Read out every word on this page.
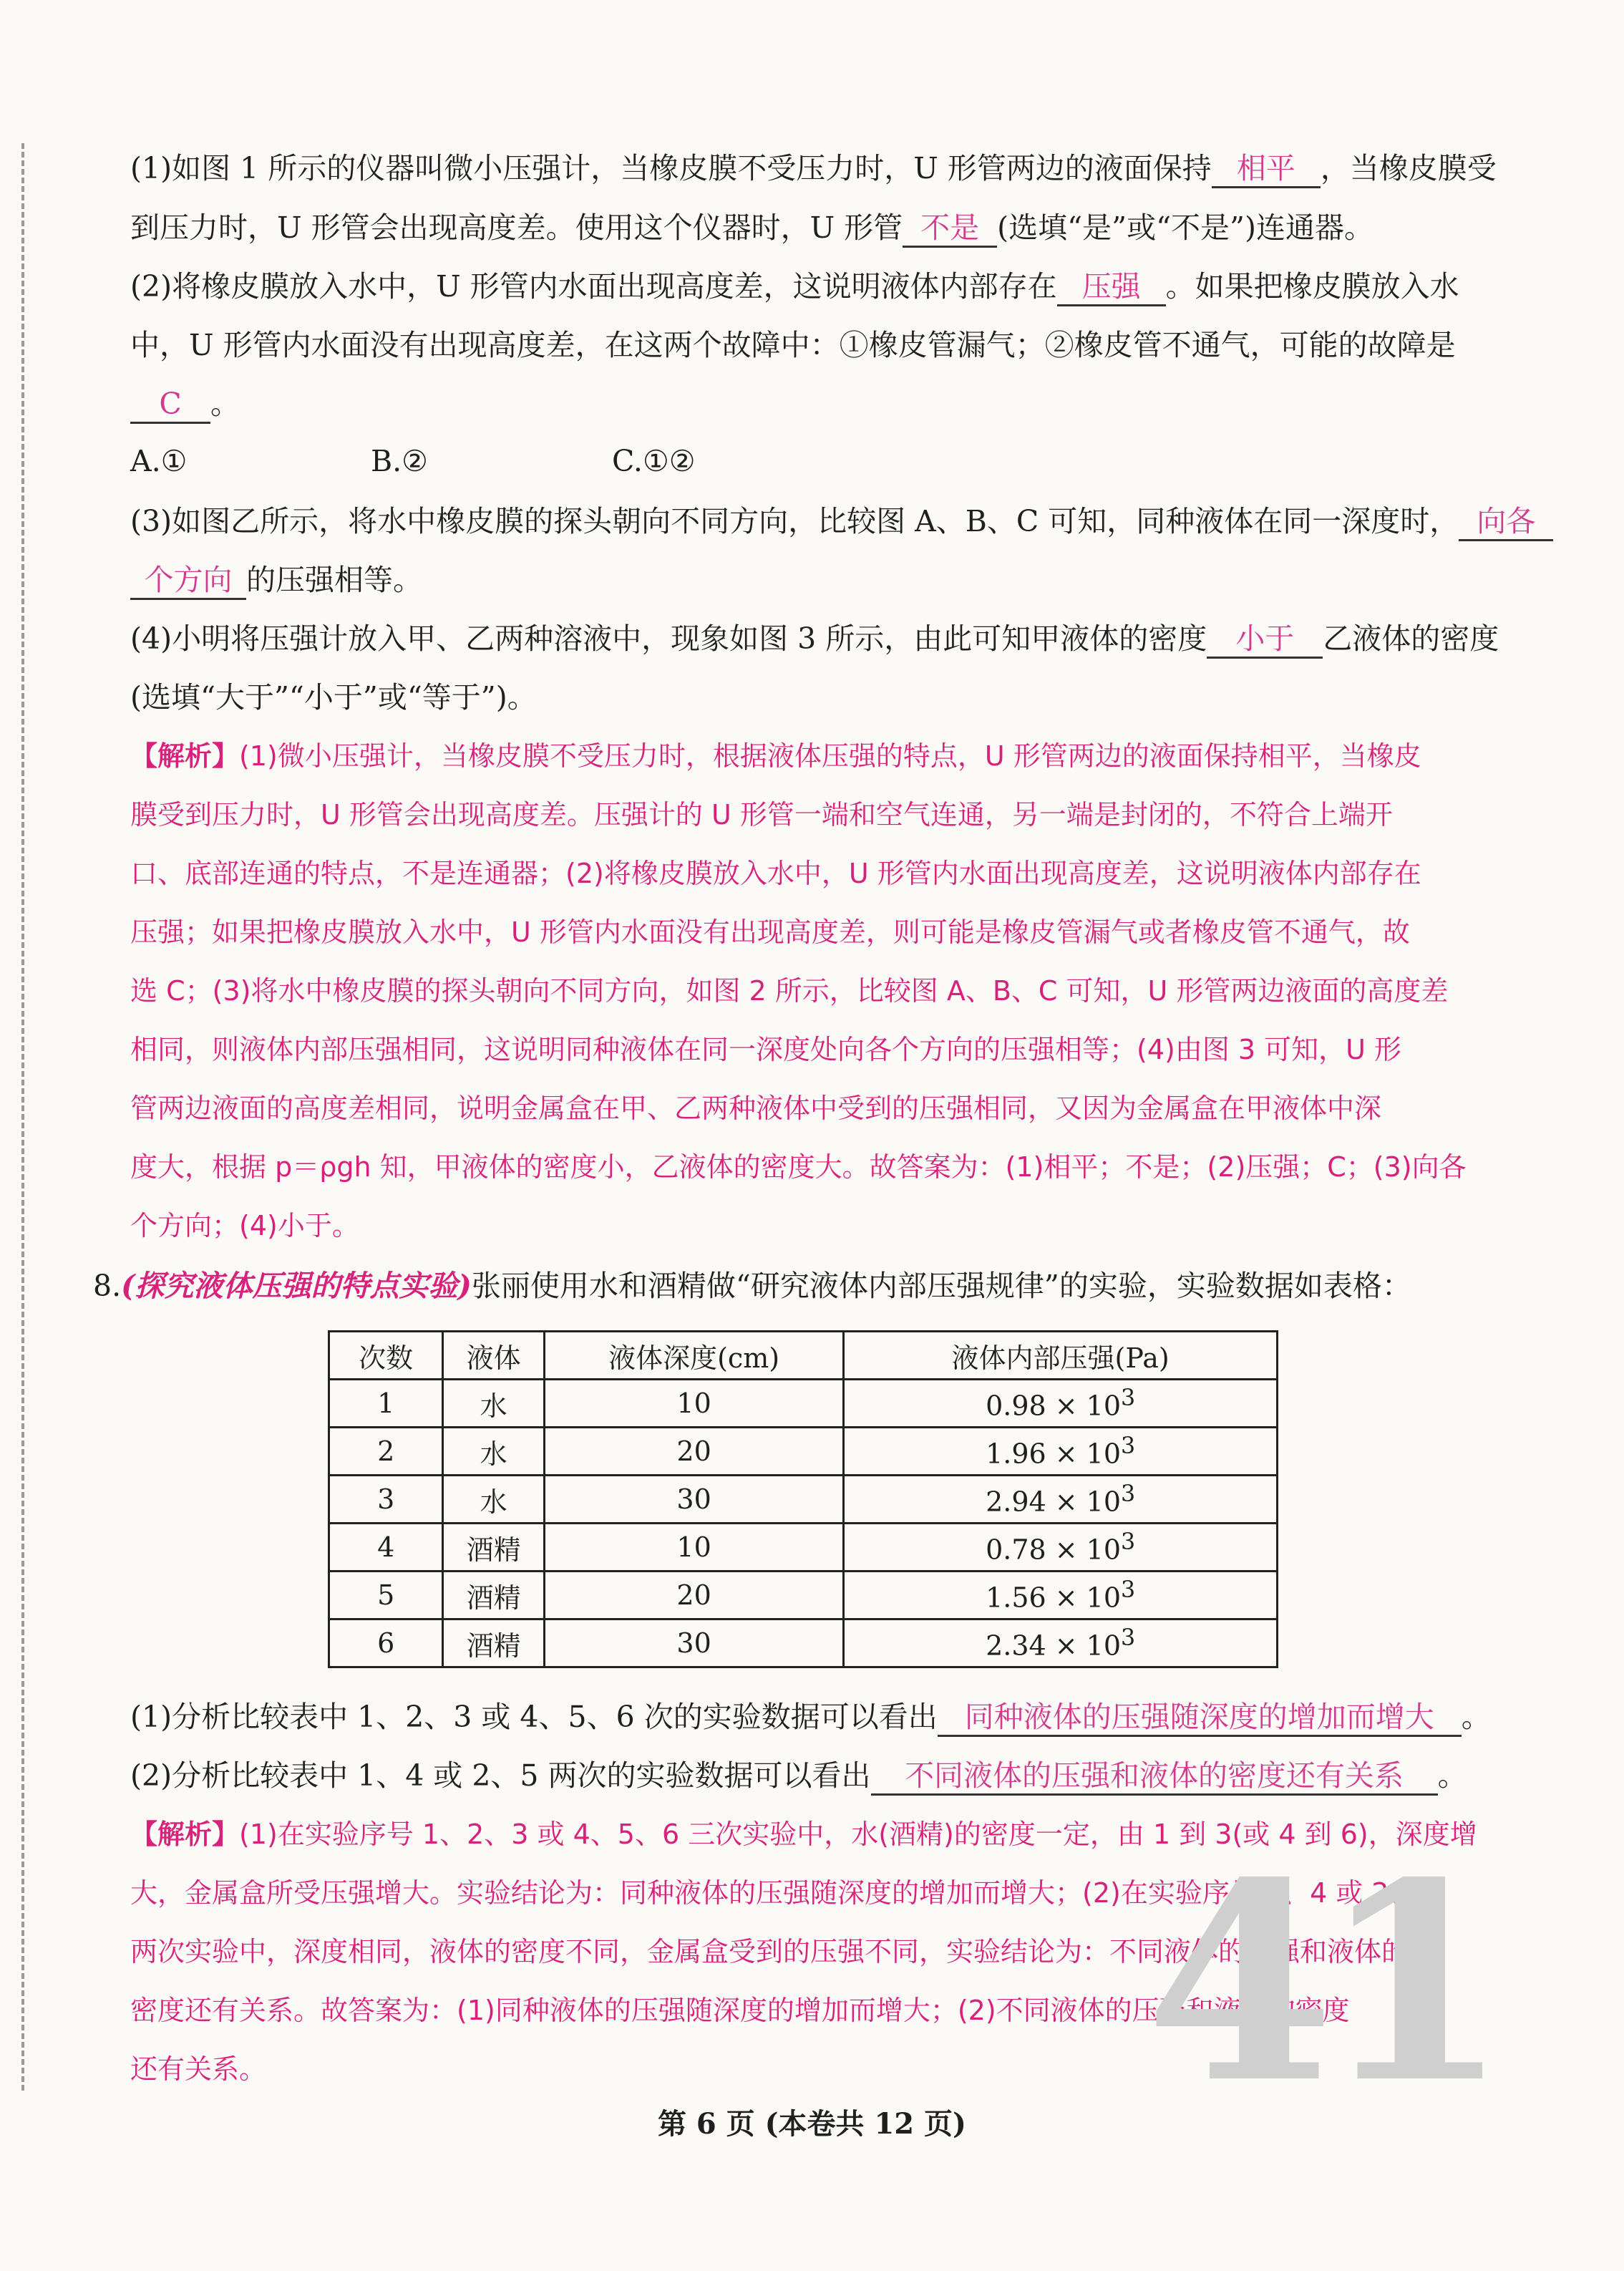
(1)如图 1 所示的仪器叫微小压强计，当橡皮膜不受压力时，U 形管两边的液面保持 相平 ，当橡皮膜受
到压力时，U 形管会出现高度差。使用这个仪器时，U 形管 不是 (选填“是”或“不是”)连通器。
(2)将橡皮膜放入水中，U 形管内水面出现高度差，这说明液体内部存在 压强 。如果把橡皮膜放入水
中，U 形管内水面没有出现高度差，在这两个故障中：①橡皮管漏气；②橡皮管不通气，可能的故障是
C 。
A.①	B.②	C.①②
(3)如图乙所示，将水中橡皮膜的探头朝向不同方向，比较图 A、B、C 可知，同种液体在同一深度时， 向各
个方向 的压强相等。
(4)小明将压强计放入甲、乙两种溶液中，现象如图 3 所示，由此可知甲液体的密度 小于 乙液体的密度
(选填“大于”“小于”或“等于”)。
【解析】(1)微小压强计，当橡皮膜不受压力时，根据液体压强的特点，U 形管两边的液面保持相平，当橡皮
膜受到压力时，U 形管会出现高度差。压强计的 U 形管一端和空气连通，另一端是封闭的，不符合上端开
口、底部连通的特点，不是连通器；(2)将橡皮膜放入水中，U 形管内水面出现高度差，这说明液体内部存在
压强；如果把橡皮膜放入水中，U 形管内水面没有出现高度差，则可能是橡皮管漏气或者橡皮管不通气，故
选 C；(3)将水中橡皮膜的探头朝向不同方向，如图 2 所示，比较图 A、B、C 可知，U 形管两边液面的高度差
相同，则液体内部压强相同，这说明同种液体在同一深度处向各个方向的压强相等；(4)由图 3 可知，U 形
管两边液面的高度差相同，说明金属盒在甲、乙两种液体中受到的压强相同，又因为金属盒在甲液体中深
度大，根据 p＝ρgh 知，甲液体的密度小，乙液体的密度大。故答案为：(1)相平；不是；(2)压强；C；(3)向各
个方向；(4)小于。
8.(探究液体压强的特点实验)张丽使用水和酒精做“研究液体内部压强规律”的实验，实验数据如表格：
次数	液体	液体深度(cm)	液体内部压强(Pa)
1	水	10	$0.98 \times 10^3$
2	水	20	$1.96 \times 10^3$
3	水	30	$2.94 \times 10^3$
4	酒精	10	$0.78 \times 10^3$
5	酒精	20	$1.56 \times 10^3$
6	酒精	30	$2.34 \times 10^3$
(1)分析比较表中 1、2、3 或 4、5、6 次的实验数据可以看出 同种液体的压强随深度的增加而增大 。
(2)分析比较表中 1、4 或 2、5 两次的实验数据可以看出 不同液体的压强和液体的密度还有关系 。
【解析】(1)在实验序号 1、2、3 或 4、5、6 三次实验中，水(酒精)的密度一定，由 1 到 3(或 4 到 6)，深度增
大，金属盒所受压强增大。实验结论为：同种液体的压强随深度的增加而增大；(2)在实验序号 1、4 或 2、5
两次实验中，深度相同，液体的密度不同，金属盒受到的压强不同，实验结论为：不同液体的压强和液体的
密度还有关系。故答案为：(1)同种液体的压强随深度的增加而增大；(2)不同液体的压强和液体的密度
还有关系。	41
第 6 页 (本卷共 12 页)
